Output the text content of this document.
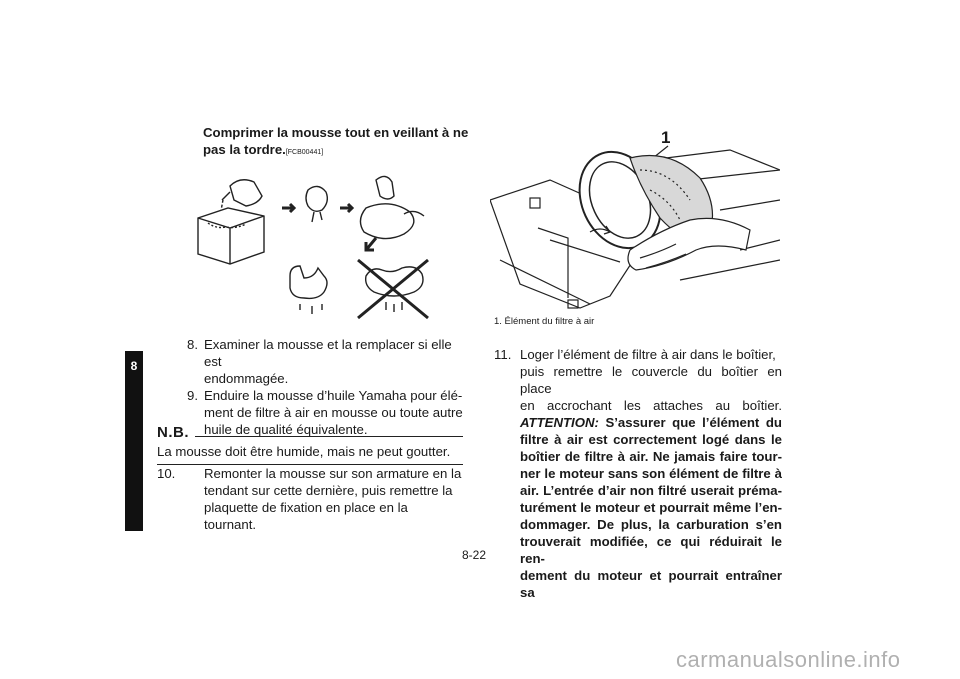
8
Comprimer la mousse tout en veillant à ne
pas la tordre.[FCB00441]
8. Examiner la mousse et la remplacer si elle est
endommagée.
9. Enduire la mousse d’huile Yamaha pour élé-
ment de filtre à air en mousse ou toute autre
huile de qualité équivalente.
N.B.
La mousse doit être humide, mais ne peut goutter.
10. Remonter la mousse sur son armature en la
tendant sur cette dernière, puis remettre la
plaquette de fixation en place en la tournant.
1
1. Élément du filtre à air
11. Loger l’élément de filtre à air dans le boîtier,
puis remettre le couvercle du boîtier en place
en accrochant les attaches au boîtier.
ATTENTION: S’assurer que l’élément du
filtre à air est correctement logé dans le
boîtier de filtre à air. Ne jamais faire tour-
ner le moteur sans son élément de filtre à
air. L’entrée d’air non filtré userait préma-
turément le moteur et pourrait même l’en-
dommager. De plus, la carburation s’en
trouverait modifiée, ce qui réduirait le ren-
dement du moteur et pourrait entraîner sa
8-22
carmanualsonline.info
